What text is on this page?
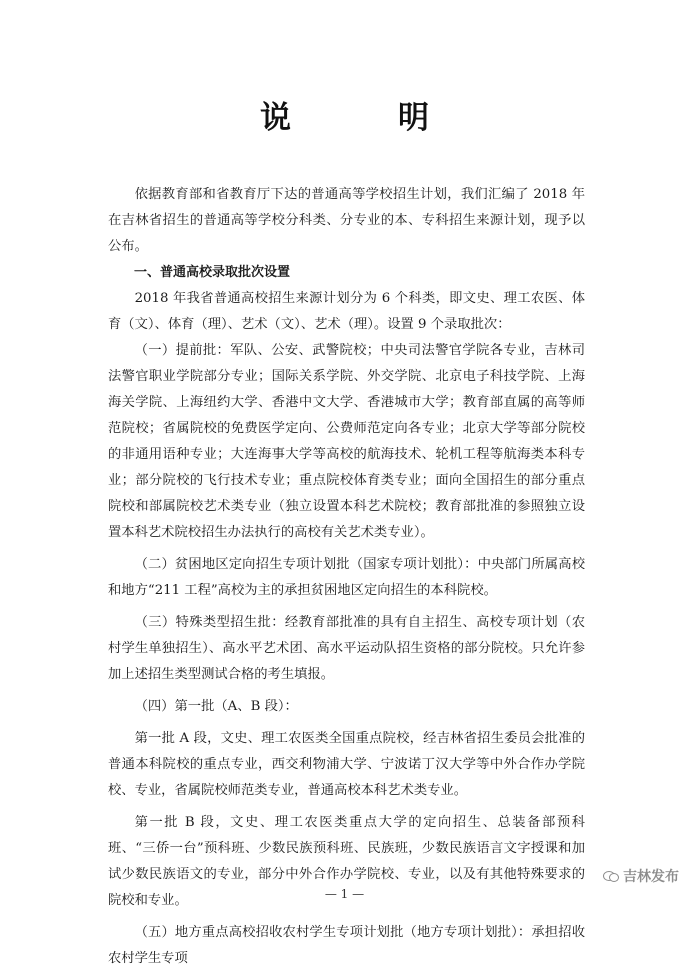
说　明

依据教育部和省教育厅下达的普通高等学校招生计划，我们汇编了 2018 年在吉林省招生的普通高等学校分科类、分专业的本、专科招生来源计划，现予以公布。

一、普通高校录取批次设置

2018 年我省普通高校招生来源计划分为 6 个科类，即文史、理工农医、体育（文）、体育（理）、艺术（文）、艺术（理）。设置 9 个录取批次：

（一）提前批：军队、公安、武警院校；中央司法警官学院各专业，吉林司法警官职业学院部分专业；国际关系学院、外交学院、北京电子科技学院、上海海关学院、上海纽约大学、香港中文大学、香港城市大学；教育部直属的高等师范院校；省属院校的免费医学定向、公费师范定向各专业；北京大学等部分院校的非通用语种专业；大连海事大学等高校的航海技术、轮机工程等航海类本科专业；部分院校的飞行技术专业；重点院校体育类专业；面向全国招生的部分重点院校和部属院校艺术类专业（独立设置本科艺术院校；教育部批准的参照独立设置本科艺术院校招生办法执行的高校有关艺术类专业）。

（二）贫困地区定向招生专项计划批（国家专项计划批）：中央部门所属高校和地方“211 工程”高校为主的承担贫困地区定向招生的本科院校。

（三）特殊类型招生批：经教育部批准的具有自主招生、高校专项计划（农村学生单独招生）、高水平艺术团、高水平运动队招生资格的部分院校。只允许参加上述招生类型测试合格的考生填报。

（四）第一批（A、B 段）：

第一批 A 段，文史、理工农医类全国重点院校，经吉林省招生委员会批准的普通本科院校的重点专业，西交利物浦大学、宁波诺丁汉大学等中外合作办学院校、专业，省属院校师范类专业，普通高校本科艺术类专业。

第一批 B 段，文史、理工农医类重点大学的定向招生、总装备部预科班、“三侨一台”预科班、少数民族预科班、民族班，少数民族语言文字授课和加试少数民族语文的专业，部分中外合作办学院校、专业，以及有其他特殊要求的院校和专业。

（五）地方重点高校招收农村学生专项计划批（地方专项计划批）：承担招收农村学生专项

吉林发布
— 1 —
